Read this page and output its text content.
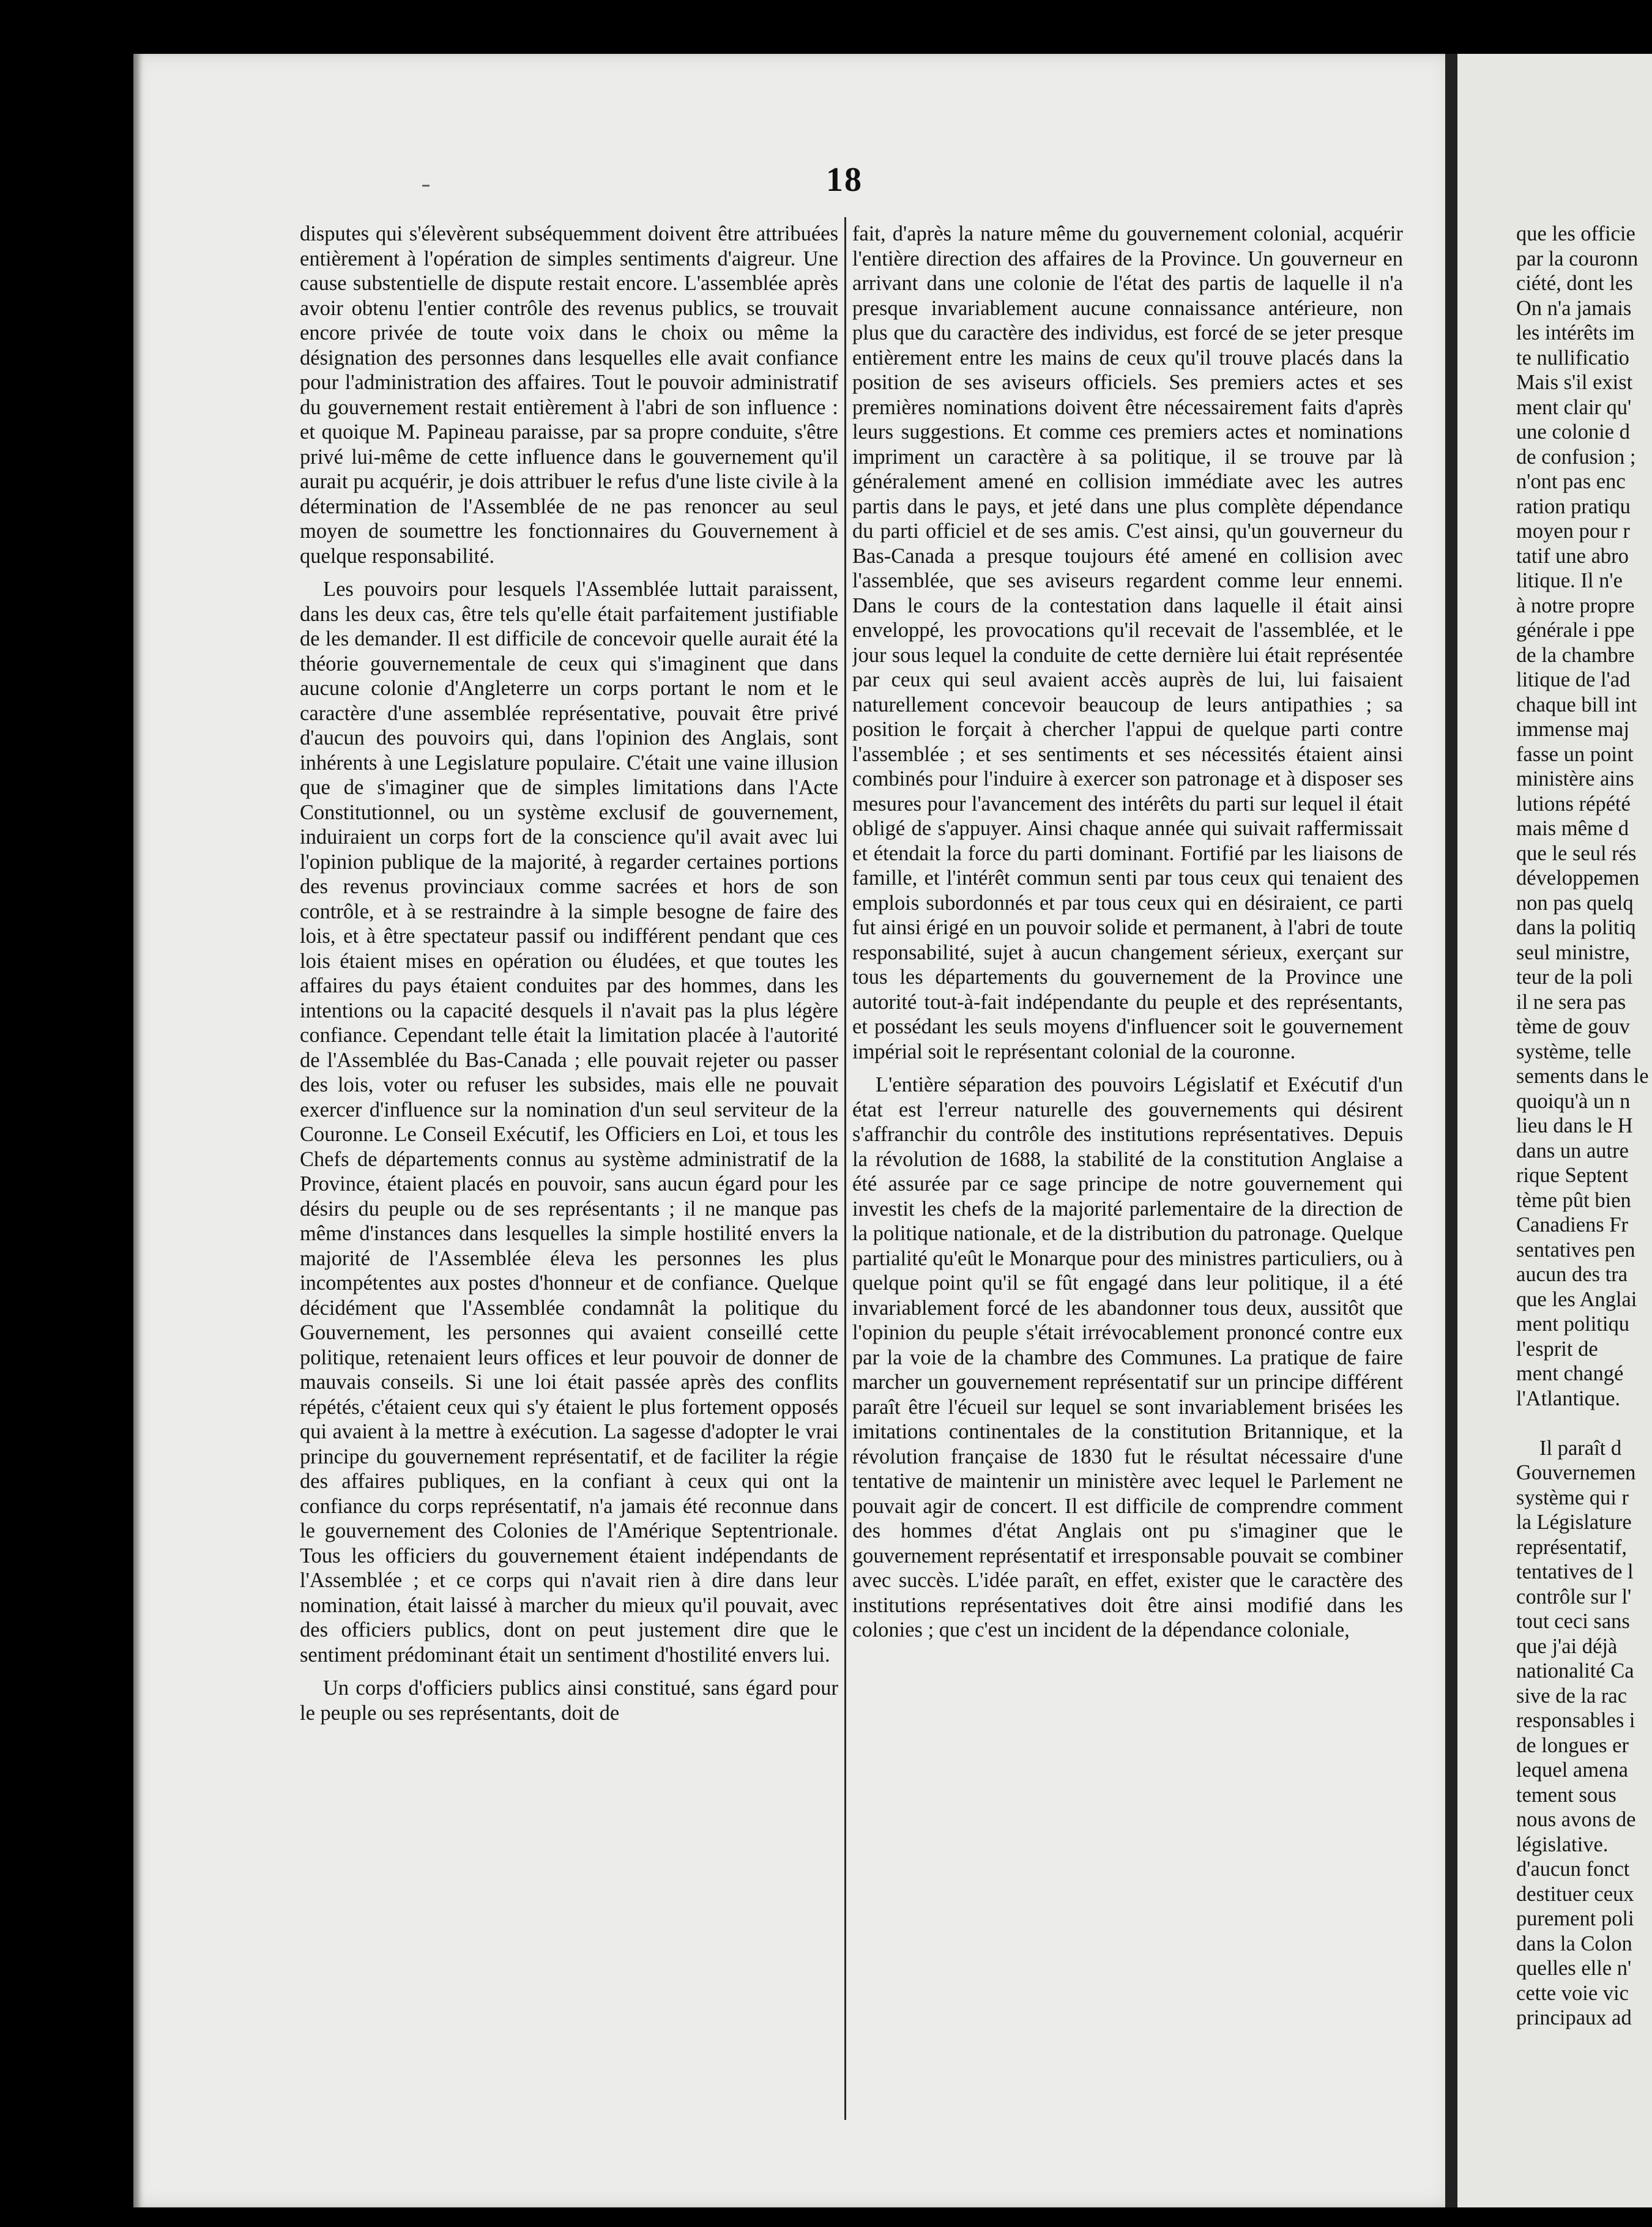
18

disputes qui s'élevèrent subséquemment doivent être attribuées entièrement à l'opération de simples sentiments d'aigreur. Une cause substentielle de dispute restait encore. L'assemblée après avoir obtenu l'entier contrôle des revenus publics, se trouvait encore privée de toute voix dans le choix ou même la désignation des personnes dans lesquelles elle avait confiance pour l'administration des affaires. Tout le pouvoir administratif du gouvernement restait entièrement à l'abri de son influence : et quoique M. Papineau paraisse, par sa propre conduite, s'être privé lui-même de cette influence dans le gouvernement qu'il aurait pu acquérir, je dois attribuer le refus d'une liste civile à la détermination de l'Assemblée de ne pas renoncer au seul moyen de soumettre les fonctionnaires du Gouvernement à quelque responsabilité.

Les pouvoirs pour lesquels l'Assemblée luttait paraissent, dans les deux cas, être tels qu'elle était parfaitement justifiable de les demander. Il est difficile de concevoir quelle aurait été la théorie gouvernementale de ceux qui s'imaginent que dans aucune colonie d'Angleterre un corps portant le nom et le caractère d'une assemblée représentative, pouvait être privé d'aucun des pouvoirs qui, dans l'opinion des Anglais, sont inhérents à une Legislature populaire. C'était une vaine illusion que de s'imaginer que de simples limitations dans l'Acte Constitutionnel, ou un système exclusif de gouvernement, induiraient un corps fort de la conscience qu'il avait avec lui l'opinion publique de la majorité, à regarder certaines portions des revenus provinciaux comme sacrées et hors de son contrôle, et à se restraindre à la simple besogne de faire des lois, et à être spectateur passif ou indifférent pendant que ces lois étaient mises en opération ou éludées, et que toutes les affaires du pays étaient conduites par des hommes, dans les intentions ou la capacité desquels il n'avait pas la plus légère confiance. Cependant telle était la limitation placée à l'autorité de l'Assemblée du Bas-Canada ; elle pouvait rejeter ou passer des lois, voter ou refuser les subsides, mais elle ne pouvait exercer d'influence sur la nomination d'un seul serviteur de la Couronne. Le Conseil Exécutif, les Officiers en Loi, et tous les Chefs de départements connus au système administratif de la Province, étaient placés en pouvoir, sans aucun égard pour les désirs du peuple ou de ses représentants ; il ne manque pas même d'instances dans lesquelles la simple hostilité envers la majorité de l'Assemblée éleva les personnes les plus incompétentes aux postes d'honneur et de confiance. Quelque décidément que l'Assemblée condamnât la politique du Gouvernement, les personnes qui avaient conseillé cette politique, retenaient leurs offices et leur pouvoir de donner de mauvais conseils. Si une loi était passée après des conflits répétés, c'étaient ceux qui s'y étaient le plus fortement opposés qui avaient à la mettre à exécution. La sagesse d'adopter le vrai principe du gouvernement représentatif, et de faciliter la régie des affaires publiques, en la confiant à ceux qui ont la confiance du corps représentatif, n'a jamais été reconnue dans le gouvernement des Colonies de l'Amérique Septentrionale. Tous les officiers du gouvernement étaient indépendants de l'Assemblée ; et ce corps qui n'avait rien à dire dans leur nomination, était laissé à marcher du mieux qu'il pouvait, avec des officiers publics, dont on peut justement dire que le sentiment prédominant était un sentiment d'hostilité envers lui.

Un corps d'officiers publics ainsi constitué, sans égard pour le peuple ou ses représentants, doit de

fait, d'après la nature même du gouvernement colonial, acquérir l'entière direction des affaires de la Province. Un gouverneur en arrivant dans une colonie de l'état des partis de laquelle il n'a presque invariablement aucune connaissance antérieure, non plus que du caractère des individus, est forcé de se jeter presque entièrement entre les mains de ceux qu'il trouve placés dans la position de ses aviseurs officiels. Ses premiers actes et ses premières nominations doivent être nécessairement faits d'après leurs suggestions. Et comme ces premiers actes et nominations impriment un caractère à sa politique, il se trouve par là généralement amené en collision immédiate avec les autres partis dans le pays, et jeté dans une plus complète dépendance du parti officiel et de ses amis. C'est ainsi, qu'un gouverneur du Bas-Canada a presque toujours été amené en collision avec l'assemblée, que ses aviseurs regardent comme leur ennemi. Dans le cours de la contestation dans laquelle il était ainsi enveloppé, les provocations qu'il recevait de l'assemblée, et le jour sous lequel la conduite de cette dernière lui était représentée par ceux qui seul avaient accès auprès de lui, lui faisaient naturellement concevoir beaucoup de leurs antipathies ; sa position le forçait à chercher l'appui de quelque parti contre l'assemblée ; et ses sentiments et ses nécessités étaient ainsi combinés pour l'induire à exercer son patronage et à disposer ses mesures pour l'avancement des intérêts du parti sur lequel il était obligé de s'appuyer. Ainsi chaque année qui suivait raffermissait et étendait la force du parti dominant. Fortifié par les liaisons de famille, et l'intérêt commun senti par tous ceux qui tenaient des emplois subordonnés et par tous ceux qui en désiraient, ce parti fut ainsi érigé en un pouvoir solide et permanent, à l'abri de toute responsabilité, sujet à aucun changement sérieux, exerçant sur tous les départements du gouvernement de la Province une autorité tout-à-fait indépendante du peuple et des représentants, et possédant les seuls moyens d'influencer soit le gouvernement impérial soit le représentant colonial de la couronne.

L'entière séparation des pouvoirs Législatif et Exécutif d'un état est l'erreur naturelle des gouvernements qui désirent s'affranchir du contrôle des institutions représentatives. Depuis la révolution de 1688, la stabilité de la constitution Anglaise a été assurée par ce sage principe de notre gouvernement qui investit les chefs de la majorité parlementaire de la direction de la politique nationale, et de la distribution du patronage. Quelque partialité qu'eût le Monarque pour des ministres particuliers, ou à quelque point qu'il se fût engagé dans leur politique, il a été invariablement forcé de les abandonner tous deux, aussitôt que l'opinion du peuple s'était irrévocablement prononcé contre eux par la voie de la chambre des Communes. La pratique de faire marcher un gouvernement représentatif sur un principe différent paraît être l'écueil sur lequel se sont invariablement brisées les imitations continentales de la constitution Britannique, et la révolution française de 1830 fut le résultat nécessaire d'une tentative de maintenir un ministère avec lequel le Parlement ne pouvait agir de concert. Il est difficile de comprendre comment des hommes d'état Anglais ont pu s'imaginer que le gouvernement représentatif et irresponsable pouvait se combiner avec succès. L'idée paraît, en effet, exister que le caractère des institutions représentatives doit être ainsi modifié dans les colonies ; que c'est un incident de la dépendance coloniale,

que les officie
par la couronn
ciété, dont les
On n'a jamais
les intérêts im
te nullificatio
Mais s'il exist
ment clair qu'
une colonie d
de confusion ;
n'ont pas enc
ration pratiqu
moyen pour r
tatif une abro
litique. Il n'e
à notre propre
générale i ppe
de la chambre
litique de l'ad
chaque bill int
immense maj
fasse un point
ministère ains
lutions répété
mais même d
que le seul rés
développemen
non pas quelq
dans la politiq
seul ministre,
teur de la poli
il ne sera pas
tème de gouv
système, telle
sements dans le
quoiqu'à un n
lieu dans le H
dans un autre
rique Septent
tème pût bien
Canadiens Fr
sentatives pen
aucun des tra
que les Anglai
ment politiqu
l'esprit de
ment changé
l'Atlantique.

Il paraît d
Gouvernemen
système qui r
la Législature
représentatif,
tentatives de l
contrôle sur l'
tout ceci sans
que j'ai déjà
nationalité Ca
sive de la rac
responsables i
de longues er
lequel amena
tement sous
nous avons de
législative.
d'aucun fonct
destituer ceux
purement poli
dans la Colon
quelles elle n'
cette voie vic
principaux ad
